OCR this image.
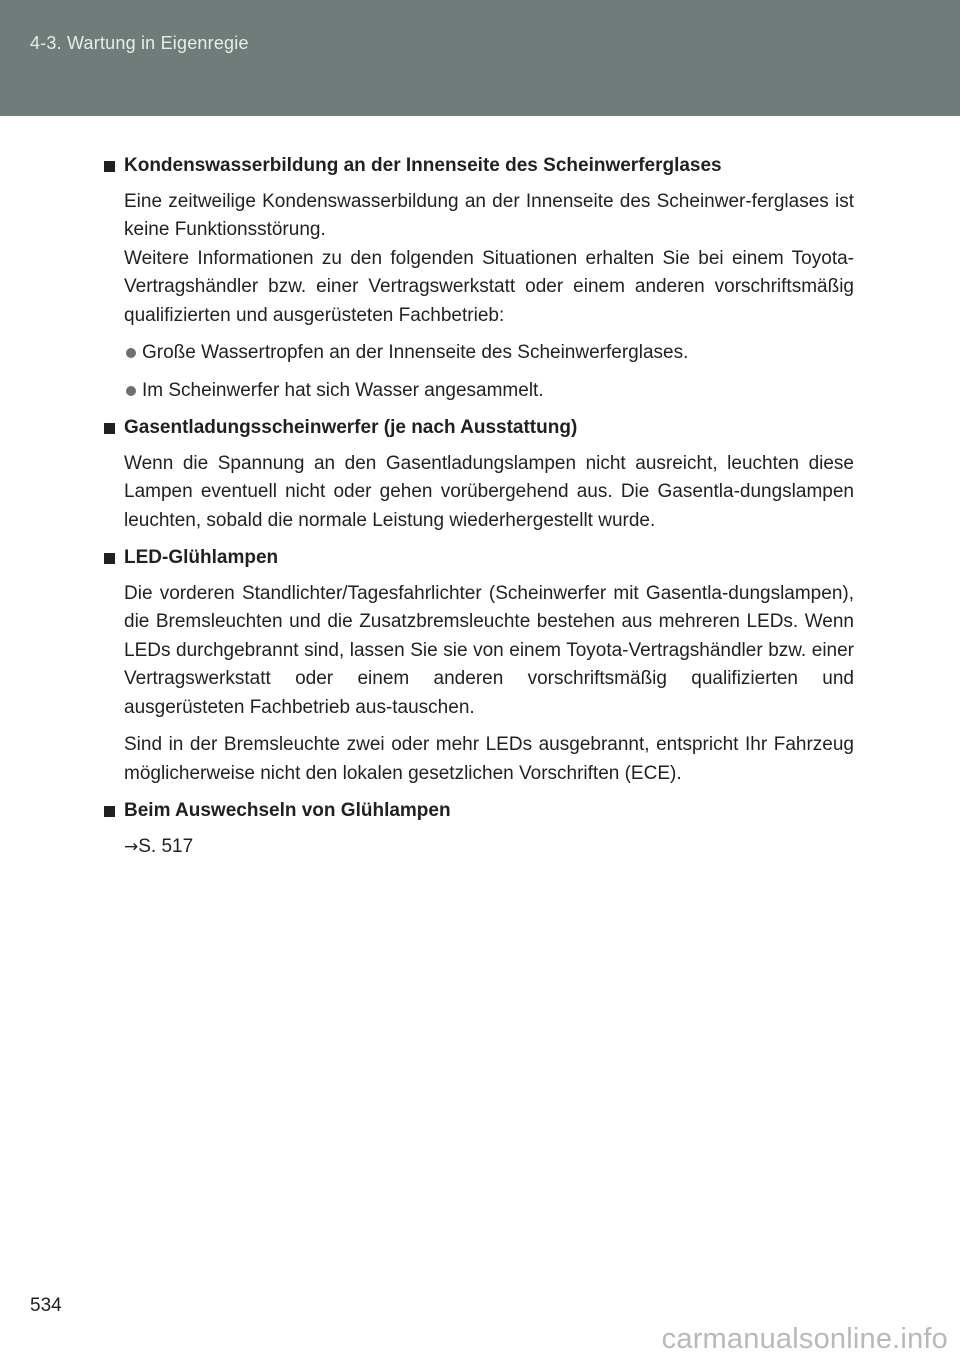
4-3. Wartung in Eigenregie
Kondenswasserbildung an der Innenseite des Scheinwerferglases
Eine zeitweilige Kondenswasserbildung an der Innenseite des Scheinwer-ferglases ist keine Funktionsstörung.
Weitere Informationen zu den folgenden Situationen erhalten Sie bei einem Toyota-Vertragshändler bzw. einer Vertragswerkstatt oder einem anderen vorschriftsmäßig qualifizierten und ausgerüsteten Fachbetrieb:
Große Wassertropfen an der Innenseite des Scheinwerferglases.
Im Scheinwerfer hat sich Wasser angesammelt.
Gasentladungsscheinwerfer (je nach Ausstattung)
Wenn die Spannung an den Gasentladungslampen nicht ausreicht, leuchten diese Lampen eventuell nicht oder gehen vorübergehend aus. Die Gasentla-dungslampen leuchten, sobald die normale Leistung wiederhergestellt wurde.
LED-Glühlampen
Die vorderen Standlichter/Tagesfahrlichter (Scheinwerfer mit Gasentla-dungslampen), die Bremsleuchten und die Zusatzbremsleuchte bestehen aus mehreren LEDs. Wenn LEDs durchgebrannt sind, lassen Sie sie von einem Toyota-Vertragshändler bzw. einer Vertragswerkstatt oder einem anderen vorschriftsmäßig qualifizierten und ausgerüsteten Fachbetrieb aus-tauschen.
Sind in der Bremsleuchte zwei oder mehr LEDs ausgebrannt, entspricht Ihr Fahrzeug möglicherweise nicht den lokalen gesetzlichen Vorschriften (ECE).
Beim Auswechseln von Glühlampen
→S. 517
534
carmanualsonline.info
